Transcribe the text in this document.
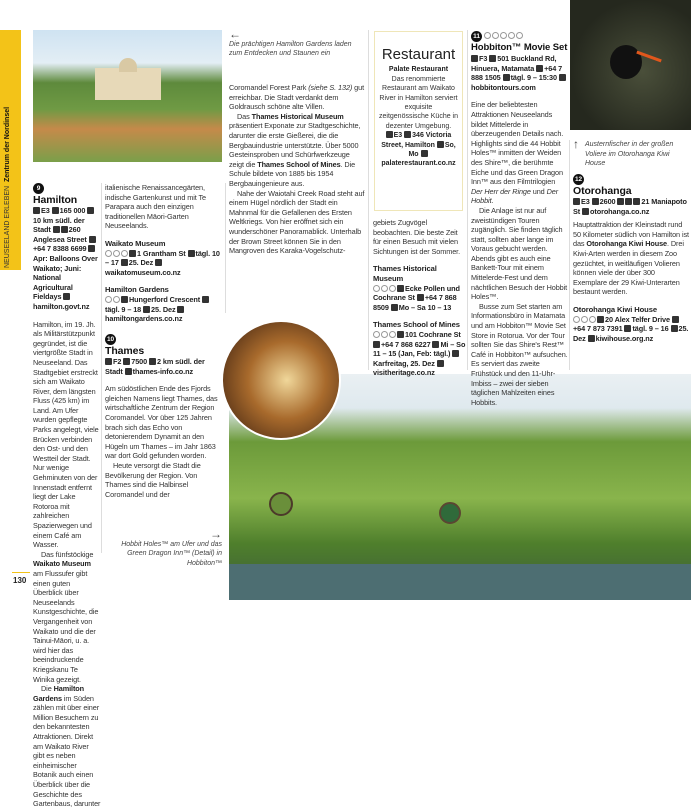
NEUSEELAND ERLEBEN  Zentrum der Nordinsel
9
Hamilton
E3 165 000 10 km südl. der Stadt 260 Anglesea Street +64 7 8388 6699 Apr: Balloons Over Waikato; Juni: National Agricultural Fieldays hamilton.govt.nz

Hamilton, im 19. Jh. als Militärstützpunkt gegründet, ist die viertgrößte Stadt in Neuseeland. Das Stadtgebiet erstreckt sich am Waikato River, dem längsten Fluss (425 km) im Land. Am Ufer wurden gepflegte Parks angelegt, viele Brücken verbinden den Ost- und den Westteil der Stadt. Nur wenige Gehminuten von der Innenstadt entfernt liegt der Lake Rotoroa mit zahlreichen Spazierwegen und einem Café am Wasser.

Das fünfstöckige Waikato Museum am Flussufer gibt einen guten Überblick über Neuseelands Kunstgeschichte, die Vergangenheit von Waikato und die der Tainui-Māori, u. a. wird hier das beeindruckende Kriegskanu Te Winika gezeigt.

Die Hamilton Gardens im Süden zählen mit über einer Million Besuchern zu den bekanntesten Attraktionen. Direkt am Waikato River gibt es neben einheimischer Botanik auch einen Überblick über die Geschichte des Gartenbaus, darunter

italienische Renaissancegärten, indische Gartenkunst und mit Te Parapara auch den einzigen traditionellen Māori-Garten Neuseelands.

Waikato Museum
1 Grantham St tägl. 10 – 17 25. Dez waikatomuseum.co.nz
Hamilton Gardens
Hungerford Crescent tägl. 9 – 18 25. Dez hamiltongardens.co.nz
10
Thames
F2 7500 2 km südl. der Stadt thames-info.co.nz

Am südöstlichen Ende des Fjords gleichen Namens liegt Thames, das wirtschaftliche Zentrum der Region Coromandel. Vor über 125 Jahren brach sich das Echo von detonierendem Dynamit an den Hügeln um Thames – im Jahr 1863 war dort Gold gefunden worden.

Heute versorgt die Stadt die Bevölkerung der Region. Von Thames sind die Halbinsel Coromandel und der

→
Hobbit Holes™ am Ufer und das Green Dragon Inn™ (Detail) in Hobbiton™
←
Die prächtigen Hamilton Gardens laden zum Entdecken und Staunen ein

Coromandel Forest Park (siehe S. 132) gut erreichbar. Die Stadt verdankt dem Goldrausch schöne alte Villen.

Das Thames Historical Museum präsentiert Exponate zur Stadtgeschichte, darunter die erste Gießerei, die die Bergbauindustrie unterstützte. Über 5000 Gesteinsproben und Schürfwerkzeuge zeigt die Thames School of Mines. Die Schule bildete von 1885 bis 1954 Bergbauingenieure aus.

Nahe der Waiotahi Creek Road steht auf einem Hügel nördlich der Stadt ein Mahnmal für die Gefallenen des Ersten Weltkriegs. Von hier eröffnet sich ein wunderschöner Panoramablick. Unterhalb der Brown Street können Sie in den Mangroven des Karaka-Vogelschutz-

Restaurant
Palate Restaurant
Das renommierte Restaurant am Waikato River in Hamilton serviert exquisite zeitgenössische Küche in dezenter Umgebung.
E3 346 Victoria Street, Hamilton So, Mo palaterestaurant.co.nz

gebiets Zugvögel beobachten. Die beste Zeit für einen Besuch mit vielen Sichtungen ist der Sommer.

Thames Historical Museum
Ecke Pollen und Cochrane St +64 7 868 8509 Mo – Sa 10 – 13
Thames School of Mines
101 Cochrane St +64 7 868 6227 Mi – So 11 – 15 (Jan, Feb: tägl.) Karfreitag, 25. Dez visitheritage.co.nz
11
Hobbiton™ Movie Set
F3 501 Buckland Rd, Hinuera, Matamata +64 7 888 1505 tägl. 9 – 15:30 hobbitontours.com

Eine der beliebtesten Attraktionen Neuseelands bildet Mittelerde in überzeugenden Details nach. Highlights sind die 44 Hobbit Holes™ inmitten der Weiden des Shire™, die berühmte Eiche und das Green Dragon Inn™ aus den Filmtrilogien Der Herr der Ringe und Der Hobbit.

Die Anlage ist nur auf zweistündigen Touren zugänglich. Sie finden täglich statt, sollten aber lange im Voraus gebucht werden. Abends gibt es auch eine Bankett-Tour mit einem Mittelerde-Fest und dem nächtlichen Besuch der Hobbit Holes™.

Busse zum Set starten am Informationsbüro in Matamata und am Hobbiton™ Movie Set Store in Rotorua. Vor der Tour sollten Sie das Shire's Rest™ Café in Hobbiton™ aufsuchen. Es serviert das zweite Frühstück und den 11-Uhr-Imbiss – zwei der sieben täglichen Mahlzeiten eines Hobbits.

↑ Austernfischer in der großen Voliere im Otorohanga Kiwi House
12
Otorohanga
E3 2600	21 Maniapoto St otorohanga.co.nz

Hauptattraktion der Kleinstadt rund 50 Kilometer südlich von Hamilton ist das Otorohanga Kiwi House. Drei Kiwi-Arten werden in diesem Zoo gezüchtet, in weitläufigen Volieren können viele der über 300 Exemplare der 29 Kiwi-Unterarten bestaunt werden.

Otorohanga Kiwi House
20 Alex Telfer Drive +64 7 873 7391 tägl. 9 – 16 25. Dez kiwihouse.org.nz
130
